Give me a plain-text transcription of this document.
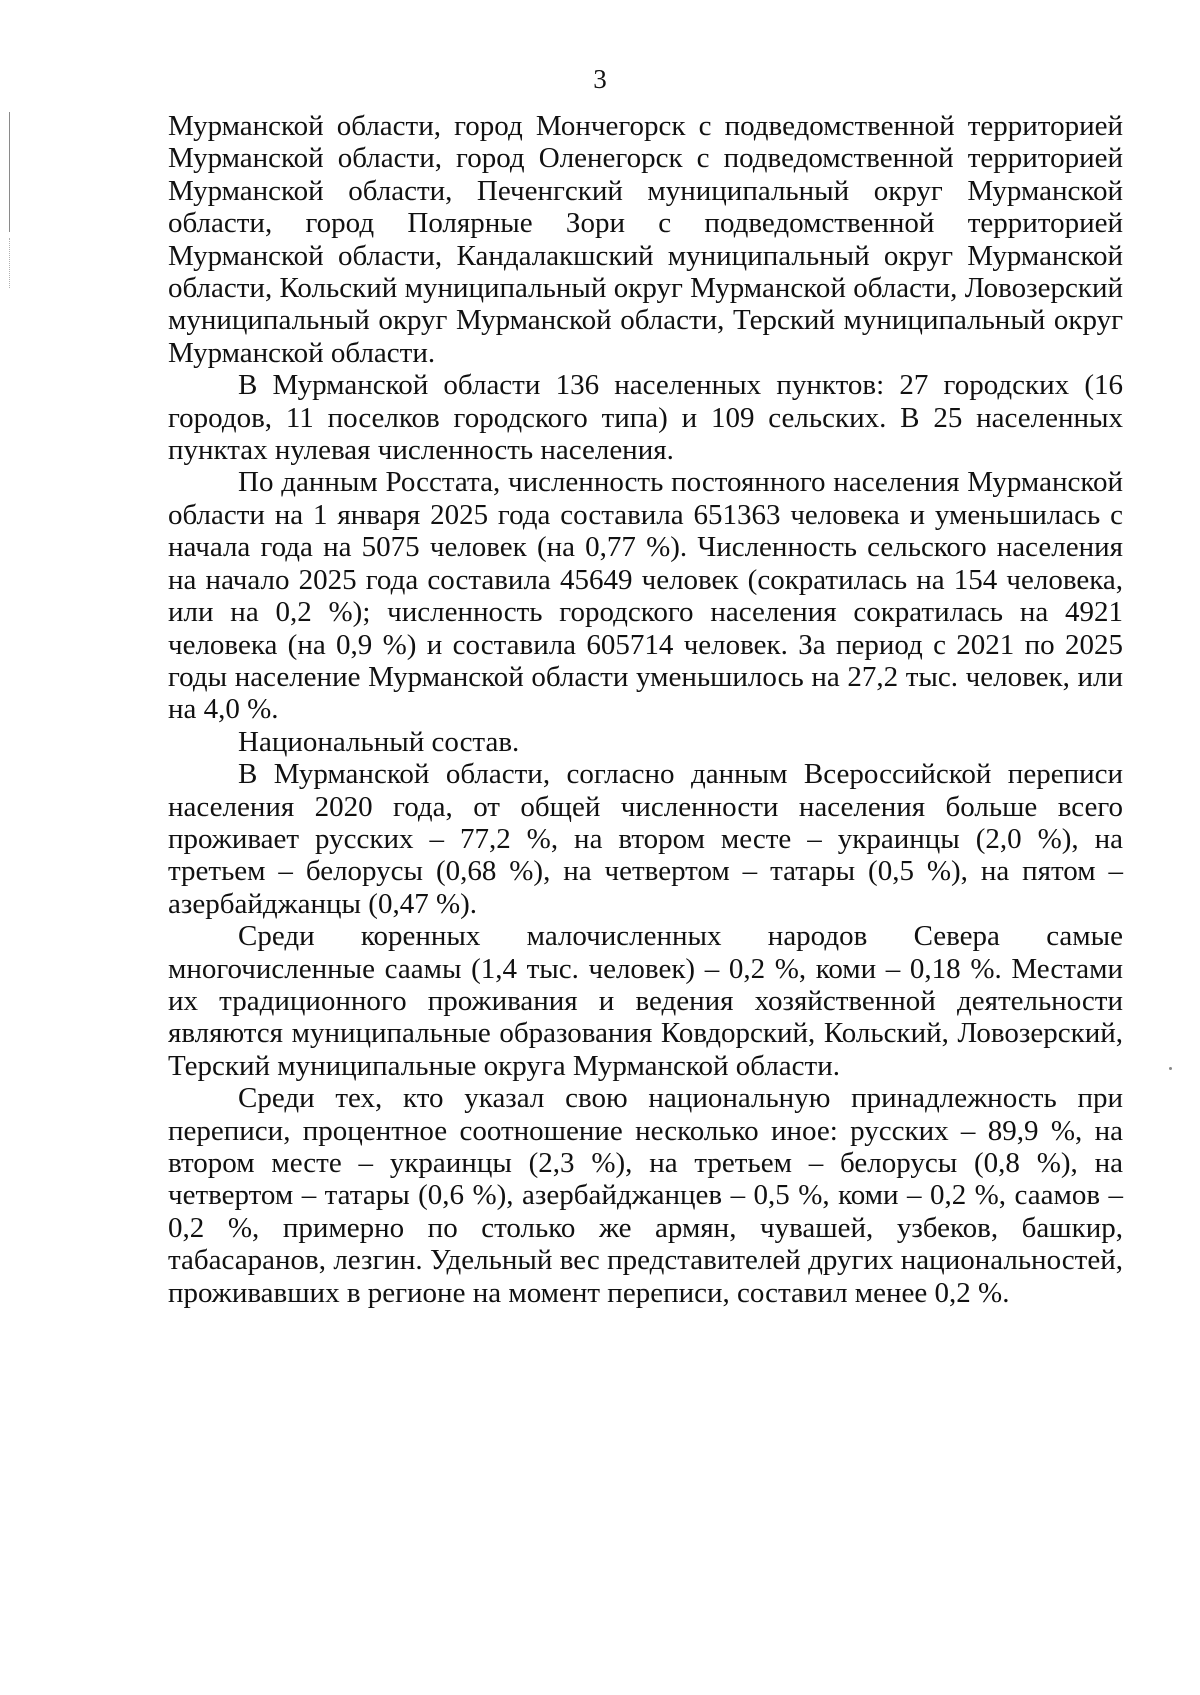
3

Мурманской области, город Мончегорск с подведомственной территорией Мурманской области, город Оленегорск с подведомственной территорией Мурманской области, Печенгский муниципальный округ Мурманской области, город Полярные Зори с подведомственной территорией Мурманской области, Кандалакшский муниципальный округ Мурманской области, Кольский муниципальный округ Мурманской области, Ловозерский муниципальный округ Мурманской области, Терский муниципальный округ Мурманской области.

В Мурманской области 136 населенных пунктов: 27 городских (16 городов, 11 поселков городского типа) и 109 сельских. В 25 населенных пунктах нулевая численность населения.

По данным Росстата, численность постоянного населения Мурманской области на 1 января 2025 года составила 651363 человека и уменьшилась с начала года на 5075 человек (на 0,77 %). Численность сельского населения на начало 2025 года составила 45649 человек (сократилась на 154 человека, или на 0,2 %); численность городского населения сократилась на 4921 человека (на 0,9 %) и составила 605714 человек. За период с 2021 по 2025 годы население Мурманской области уменьшилось на 27,2 тыс. человек, или на 4,0 %.

Национальный состав.

В Мурманской области, согласно данным Всероссийской переписи населения 2020 года, от общей численности населения больше всего проживает русских – 77,2 %, на втором месте – украинцы (2,0 %), на третьем – белорусы (0,68 %), на четвертом – татары (0,5 %), на пятом – азербайджанцы (0,47 %).

Среди коренных малочисленных народов Севера самые многочисленные саамы (1,4 тыс. человек) – 0,2 %, коми – 0,18 %. Местами их традиционного проживания и ведения хозяйственной деятельности являются муниципальные образования Ковдорский, Кольский, Ловозерский, Терский муниципальные округа Мурманской области.

Среди тех, кто указал свою национальную принадлежность при переписи, процентное соотношение несколько иное: русских – 89,9 %, на втором месте – украинцы (2,3 %), на третьем – белорусы (0,8 %), на четвертом – татары (0,6 %), азербайджанцев – 0,5 %, коми – 0,2 %, саамов – 0,2 %, примерно по столько же армян, чувашей, узбеков, башкир, табасаранов, лезгин. Удельный вес представителей других национальностей, проживавших в регионе на момент переписи, составил менее 0,2 %.
